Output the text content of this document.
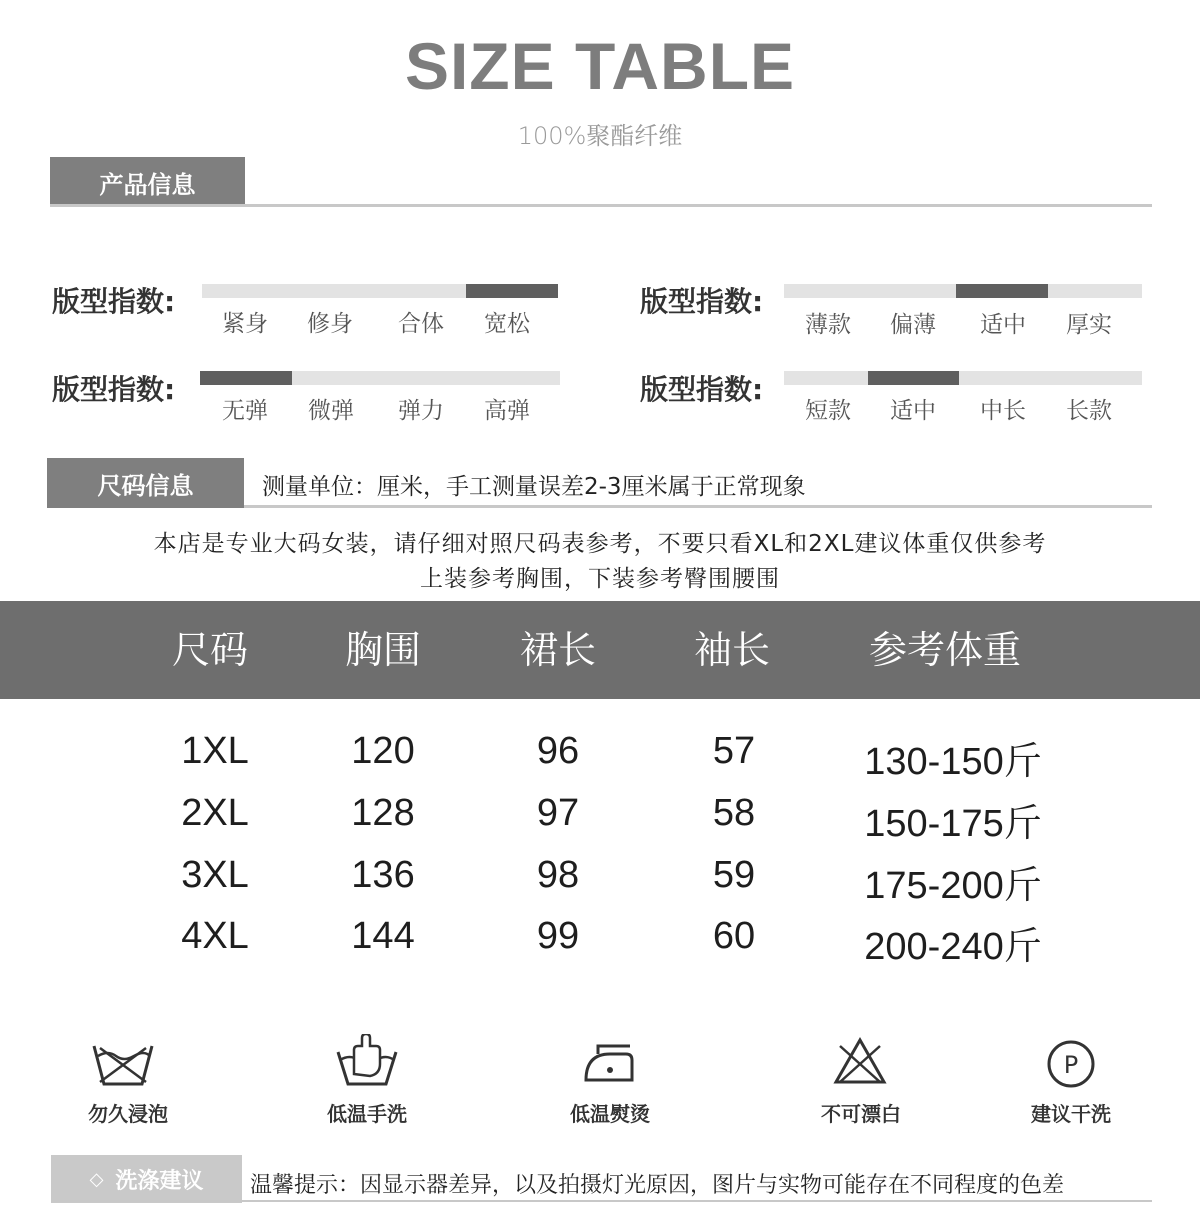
SIZE TABLE
100%聚酯纤维
产品信息
版型指数:
紧身	修身	合体	宽松
版型指数:
薄款	偏薄	适中	厚实
版型指数:
无弹	微弹	弹力	高弹
版型指数:
短款	适中	中长	长款
尺码信息	测量单位：厘米，手工测量误差2-3厘米属于正常现象
本店是专业大码女装，请仔细对照尺码表参考，不要只看XL和2XL建议体重仅供参考
上装参考胸围，下装参考臀围腰围
尺码	胸围	裙长	袖长	参考体重
1XL	120	96	57	130-150斤
2XL	128	97	58	150-175斤
3XL	136	98	59	175-200斤
4XL	144	99	60	200-240斤
勿久浸泡	低温手洗	低温熨烫	不可漂白
P
建议干洗
◇ 洗涤建议 温馨提示：因显示器差异，以及拍摄灯光原因，图片与实物可能存在不同程度的色差
